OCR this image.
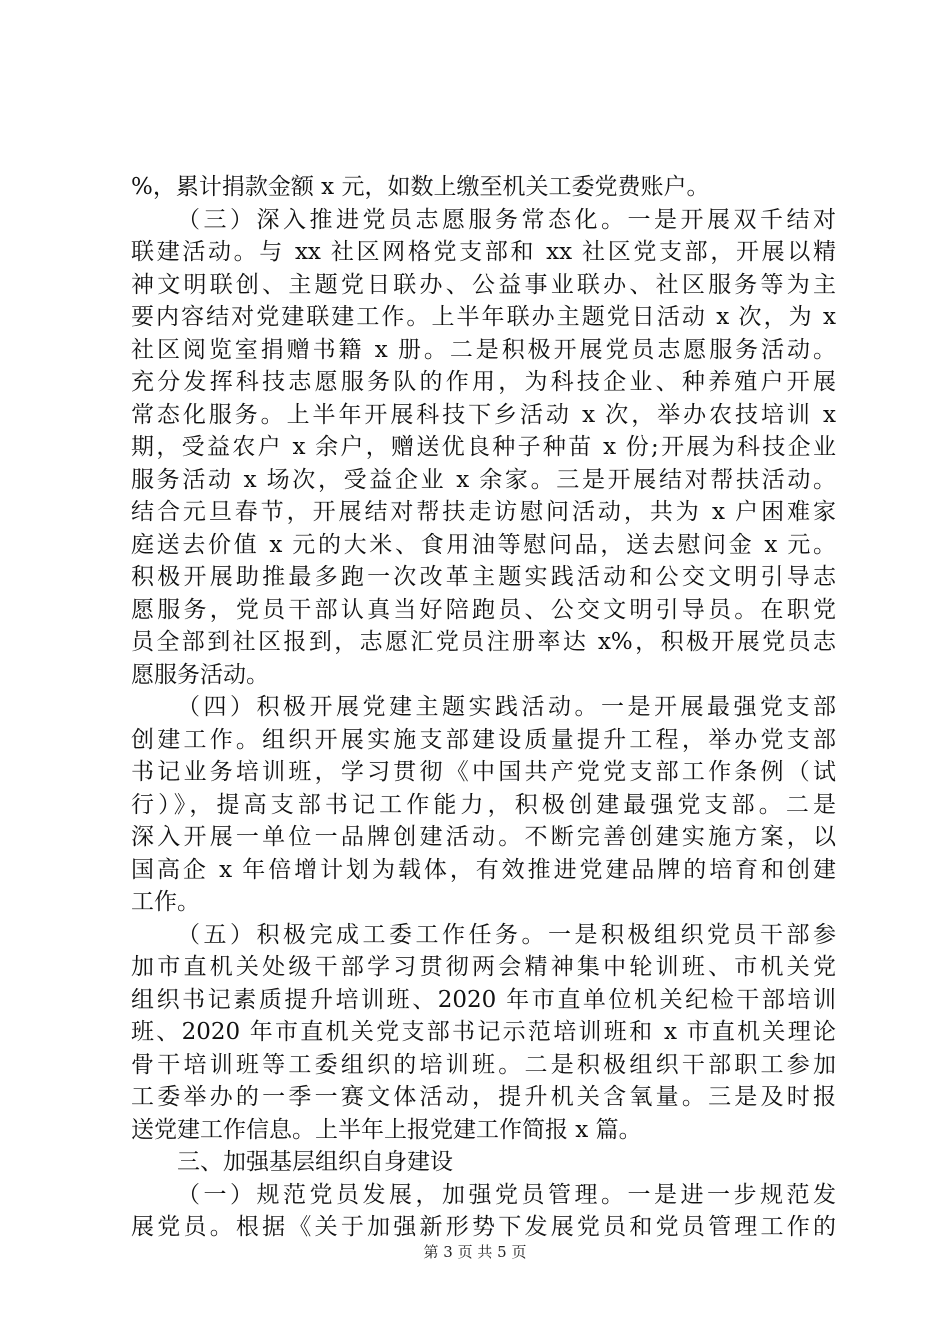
%，累计捐款金额 x 元，如数上缴至机关工委党费账户。
（三）深入推进党员志愿服务常态化。一是开展双千结对
联建活动。与 xx 社区网格党支部和 xx 社区党支部，开展以精
神文明联创、主题党日联办、公益事业联办、社区服务等为主
要内容结对党建联建工作。上半年联办主题党日活动 x 次，为 x
社区阅览室捐赠书籍 x 册。二是积极开展党员志愿服务活动。
充分发挥科技志愿服务队的作用，为科技企业、种养殖户开展
常态化服务。上半年开展科技下乡活动 x 次，举办农技培训 x
期，受益农户 x 余户，赠送优良种子种苗 x 份;开展为科技企业
服务活动 x 场次，受益企业 x 余家。三是开展结对帮扶活动。
结合元旦春节，开展结对帮扶走访慰问活动，共为 x 户困难家
庭送去价值 x 元的大米、食用油等慰问品，送去慰问金 x 元。
积极开展助推最多跑一次改革主题实践活动和公交文明引导志
愿服务，党员干部认真当好陪跑员、公交文明引导员。在职党
员全部到社区报到，志愿汇党员注册率达 x%，积极开展党员志
愿服务活动。
（四）积极开展党建主题实践活动。一是开展最强党支部
创建工作。组织开展实施支部建设质量提升工程，举办党支部
书记业务培训班，学习贯彻《中国共产党党支部工作条例（试
行）》，提高支部书记工作能力，积极创建最强党支部。二是
深入开展一单位一品牌创建活动。不断完善创建实施方案，以
国高企 x 年倍增计划为载体，有效推进党建品牌的培育和创建
工作。
（五）积极完成工委工作任务。一是积极组织党员干部参
加市直机关处级干部学习贯彻两会精神集中轮训班、市机关党
组织书记素质提升培训班、2020 年市直单位机关纪检干部培训
班、2020 年市直机关党支部书记示范培训班和 x 市直机关理论
骨干培训班等工委组织的培训班。二是积极组织干部职工参加
工委举办的一季一赛文体活动，提升机关含氧量。三是及时报
送党建工作信息。上半年上报党建工作简报 x 篇。
三、加强基层组织自身建设
（一）规范党员发展，加强党员管理。一是进一步规范发
展党员。根据《关于加强新形势下发展党员和党员管理工作的
第 3 页 共 5 页
